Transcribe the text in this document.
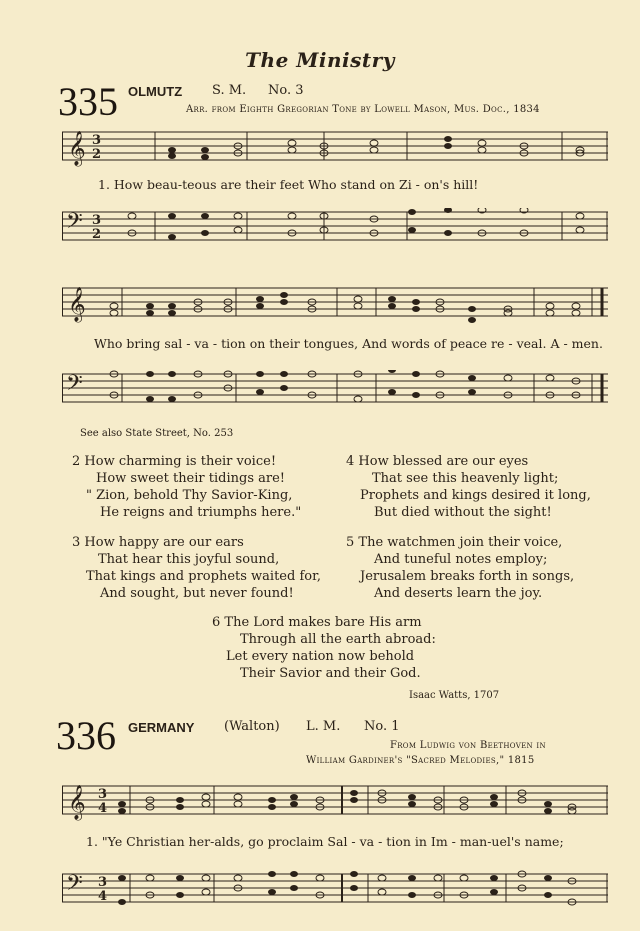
The Ministry
335 OLMUTZ S. M. No. 3
Arr. from Eighth Gregorian Tone by Lowell Mason, Mus. Doc., 1834
𝄞 3
2
1. How beau-teous are their feet Who stand on Zi - on's hill!
𝄢 3
2
𝄞
Who bring sal - va - tion on their tongues, And words of peace re - veal. A - men.
𝄢
See also State Street, No. 253
2 How charming is their voice!
How sweet their tidings are!
" Zion, behold Thy Savior-King,
He reigns and triumphs here."
4 How blessed are our eyes
That see this heavenly light;
Prophets and kings desired it long,
But died without the sight!
3 How happy are our ears
That hear this joyful sound,
That kings and prophets waited for,
And sought, but never found!
5 The watchmen join their voice,
And tuneful notes employ;
Jerusalem breaks forth in songs,
And deserts learn the joy.
6 The Lord makes bare His arm
Through all the earth abroad:
Let every nation now behold
Their Savior and their God.
Isaac Watts, 1707
336 GERMANY (Walton) L. M. No. 1
From Ludwig von Beethoven in
William Gardiner's "Sacred Melodies," 1815
𝄞 3
4
1. "Ye Christian her-alds, go proclaim Sal - va - tion in Im - man-uel's name;
𝄢 3
4
